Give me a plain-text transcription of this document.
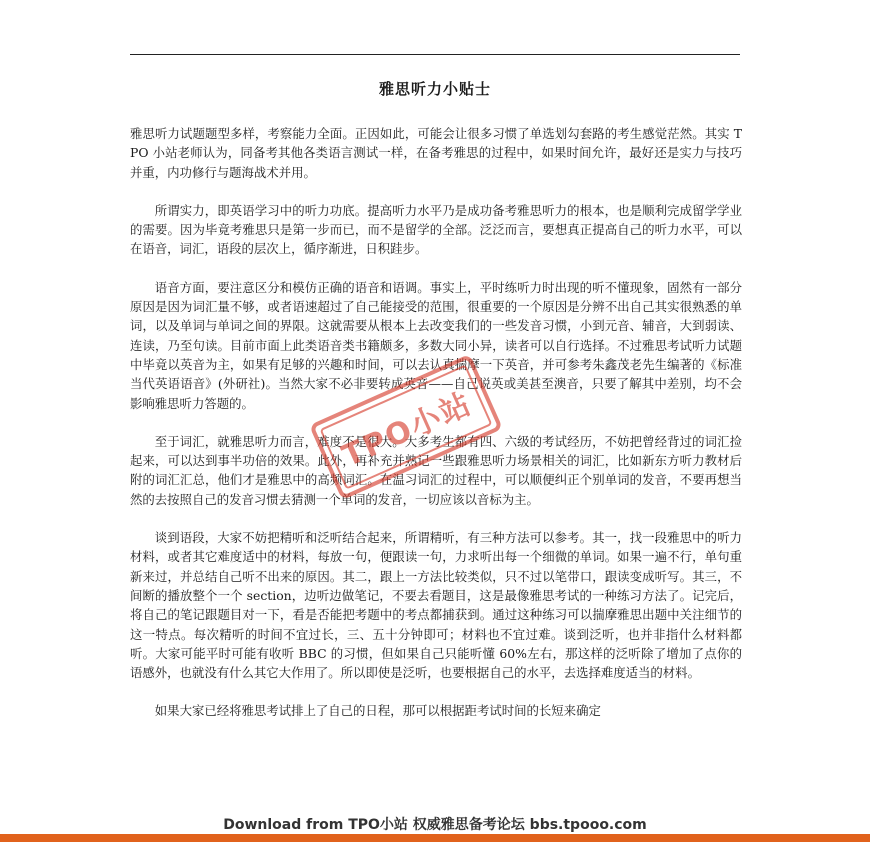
雅思听力小贴士

雅思听力试题题型多样，考察能力全面。正因如此，可能会让很多习惯了单选划勾套路的考生感觉茫然。其实 TPO 小站老师认为，同备考其他各类语言测试一样，在备考雅思的过程中，如果时间允许，最好还是实力与技巧并重，内功修行与题海战术并用。

所谓实力，即英语学习中的听力功底。提高听力水平乃是成功备考雅思听力的根本，也是顺利完成留学学业的需要。因为毕竟考雅思只是第一步而已，而不是留学的全部。泛泛而言，要想真正提高自己的听力水平，可以在语音，词汇，语段的层次上，循序渐进，日积跬步。

语音方面，要注意区分和模仿正确的语音和语调。事实上，平时练听力时出现的听不懂现象，固然有一部分原因是因为词汇量不够，或者语速超过了自己能接受的范围，很重要的一个原因是分辨不出自己其实很熟悉的单词，以及单词与单词之间的界限。这就需要从根本上去改变我们的一些发音习惯，小到元音、辅音，大到弱读、连读，乃至句读。目前市面上此类语音类书籍颇多，多数大同小异，读者可以自行选择。不过雅思考试听力试题中毕竟以英音为主，如果有足够的兴趣和时间，可以去认真揣摩一下英音，并可参考朱鑫茂老先生编著的《标准当代英语语音》(外研社)。当然大家不必非要转成英音——自己说英或美甚至澳音，只要了解其中差别，均不会影响雅思听力答题的。

至于词汇，就雅思听力而言，难度不是很大。大多考生都有四、六级的考试经历，不妨把曾经背过的词汇捡起来，可以达到事半功倍的效果。此外，再补充并熟记一些跟雅思听力场景相关的词汇，比如新东方听力教材后附的词汇汇总，他们才是雅思中的高频词汇。在温习词汇的过程中，可以顺便纠正个别单词的发音，不要再想当然的去按照自己的发音习惯去猜测一个单词的发音，一切应该以音标为主。

谈到语段，大家不妨把精听和泛听结合起来，所谓精听，有三种方法可以参考。其一，找一段雅思中的听力材料，或者其它难度适中的材料，每放一句，便跟读一句，力求听出每一个细微的单词。如果一遍不行，单句重新来过，并总结自己听不出来的原因。其二，跟上一方法比较类似，只不过以笔带口，跟读变成听写。其三，不间断的播放整个一个 section，边听边做笔记，不要去看题目，这是最像雅思考试的一种练习方法了。记完后，将自己的笔记跟题目对一下，看是否能把考题中的考点都捕获到。通过这种练习可以揣摩雅思出题中关注细节的这一特点。每次精听的时间不宜过长，三、五十分钟即可；材料也不宜过难。谈到泛听，也并非指什么材料都听。大家可能平时可能有收听 BBC 的习惯，但如果自己只能听懂 60%左右，那这样的泛听除了增加了点你的语感外，也就没有什么其它大作用了。所以即使是泛听，也要根据自己的水平，去选择难度适当的材料。

如果大家已经将雅思考试排上了自己的日程，那可以根据距考试时间的长短来确定

TPO小站
Download from TPO小站 权威雅思备考论坛 bbs.tpooo.com
